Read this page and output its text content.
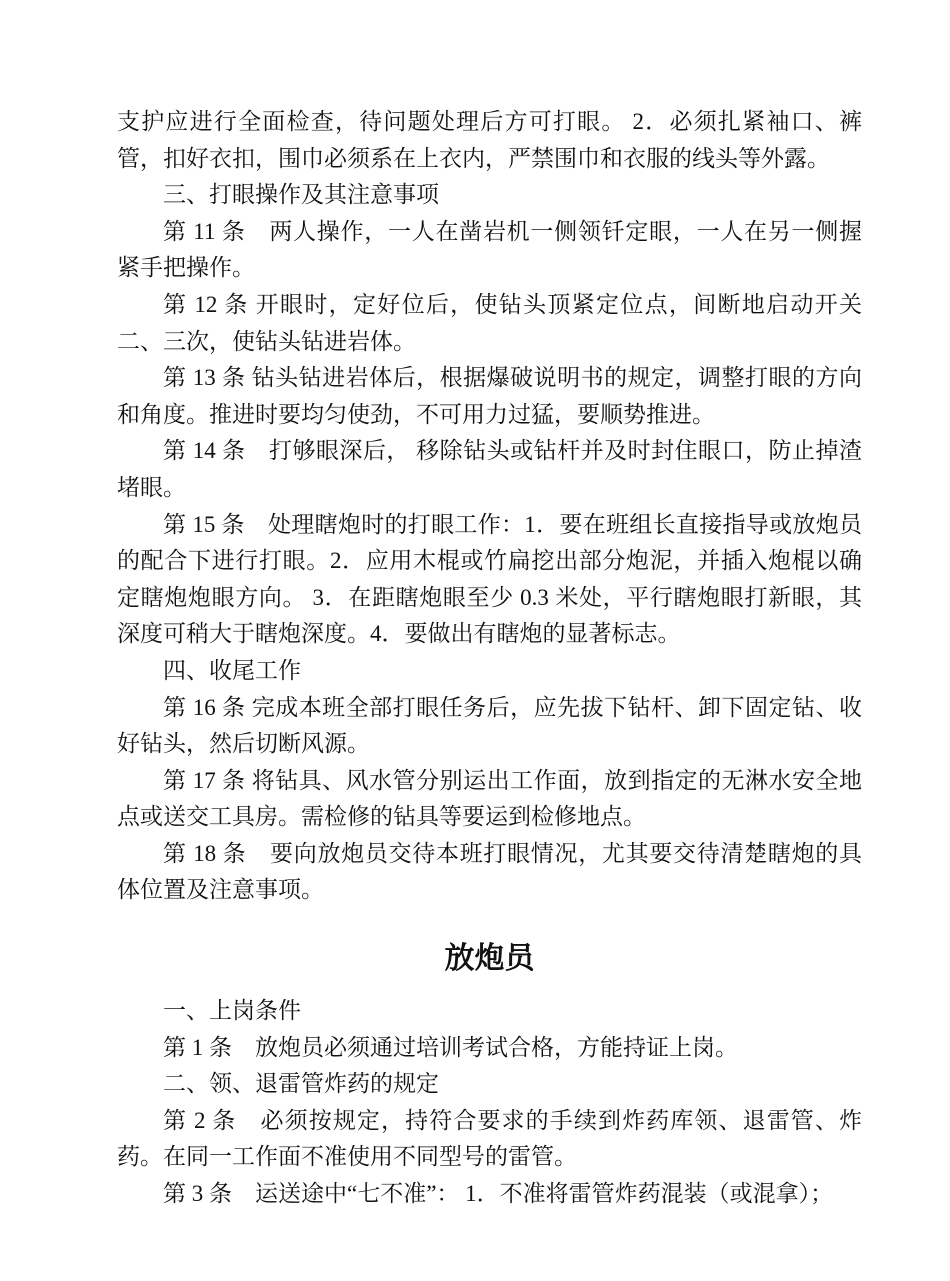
支护应进行全面检查，待问题处理后方可打眼。 2．必须扎紧袖口、裤管，扣好衣扣，围巾必须系在上衣内，严禁围巾和衣服的线头等外露。

三、打眼操作及其注意事项

第 11 条　两人操作，一人在凿岩机一侧领钎定眼，一人在另一侧握紧手把操作。

第 12 条 开眼时，定好位后，使钻头顶紧定位点，间断地启动开关二、三次，使钻头钻进岩体。

第 13 条 钻头钻进岩体后，根据爆破说明书的规定，调整打眼的方向和角度。推进时要均匀使劲，不可用力过猛，要顺势推进。

第 14 条　打够眼深后， 移除钻头或钻杆并及时封住眼口，防止掉渣堵眼。

第 15 条　处理瞎炮时的打眼工作：1．要在班组长直接指导或放炮员的配合下进行打眼。2．应用木棍或竹扁挖出部分炮泥，并插入炮棍以确定瞎炮炮眼方向。 3．在距瞎炮眼至少 0.3 米处，平行瞎炮眼打新眼，其深度可稍大于瞎炮深度。4．要做出有瞎炮的显著标志。

四、收尾工作

第 16 条 完成本班全部打眼任务后，应先拔下钻杆、卸下固定钻、收好钻头，然后切断风源。

第 17 条 将钻具、风水管分别运出工作面，放到指定的无淋水安全地点或送交工具房。需检修的钻具等要运到检修地点。

第 18 条　要向放炮员交待本班打眼情况，尤其要交待清楚瞎炮的具体位置及注意事项。

放炮员

一、上岗条件

第 1 条　放炮员必须通过培训考试合格，方能持证上岗。

二、领、退雷管炸药的规定

第 2 条　必须按规定，持符合要求的手续到炸药库领、退雷管、炸药。在同一工作面不准使用不同型号的雷管。

第 3 条　运送途中“七不准”： 1．不准将雷管炸药混装（或混拿）；
